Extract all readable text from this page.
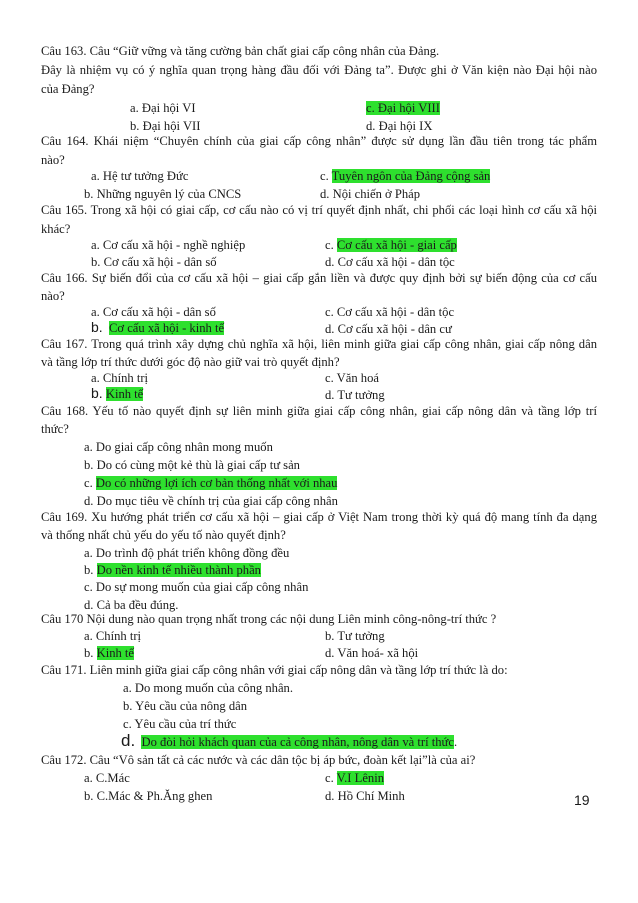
Câu 163. Câu “Giữ vững và tăng cường bản chất giai cấp công nhân của Đảng.
Đây là nhiệm vụ có ý nghĩa quan trọng hàng đầu đối với Đảng ta”. Được ghi ở Văn kiện nào Đại hội nào
của Đảng?
a. Đại hội VI	c. Đại hội VIII
b. Đại hội VII	d. Đại hội IX
Câu 164. Khái niệm “Chuyên chính của giai cấp công nhân” được sử dụng lần đầu tiên trong tác phẩm
nào?
a. Hệ tư tưởng Đức	c. Tuyên ngôn của Đảng cộng sản
b. Những nguyên lý của CNCS	d. Nội chiến ở Pháp
Câu 165. Trong xã hội có giai cấp, cơ cấu nào có vị trí quyết định nhất, chi phối các loại hình cơ cấu xã hội
khác?
a. Cơ cấu xã hội - nghề nghiệp	c. Cơ cấu xã hội - giai cấp
b. Cơ cấu xã hội - dân số	d. Cơ cấu xã hội - dân tộc
Câu 166. Sự biến đổi của cơ cấu xã hội – giai cấp gắn liền và được quy định bởi sự biến động của cơ cấu
nào?
a. Cơ cấu xã hội - dân số	c. Cơ cấu xã hội - dân tộc
b. Cơ cấu xã hội - kinh tế	d. Cơ cấu xã hội - dân cư
Câu 167. Trong quá trình xây dựng chủ nghĩa xã hội, liên minh giữa giai cấp công nhân, giai cấp nông dân
và tầng lớp trí thức dưới góc độ nào giữ vai trò quyết định?
a. Chính trị	c. Văn hoá
b. Kinh tế	d. Tư tưởng
Câu 168. Yếu tố nào quyết định sự liên minh giữa giai cấp công nhân, giai cấp nông dân và tầng lớp trí
thức?
a. Do giai cấp công nhân mong muốn
b. Do có cùng một kẻ thù là giai cấp tư sản
c. Do có những lợi ích cơ bản thống nhất với nhau
d. Do mục tiêu về chính trị của giai cấp công nhân
Câu 169. Xu hướng phát triển cơ cấu xã hội – giai cấp ở Việt Nam trong thời kỳ quá độ mang tính đa dạng
và thống nhất chủ yếu do yếu tố nào quyết định?
a. Do trình độ phát triển không đồng đều
b. Do nền kinh tế nhiều thành phần
c. Do sự mong muốn của giai cấp công nhân
d. Cả ba đều đúng.
Câu 170 Nội dung nào quan trọng nhất trong các nội dung Liên minh công-nông-trí thức ?
a. Chính trị	b. Tư tưởng
b. Kinh tế	d. Văn hoá- xã hội
Câu 171. Liên minh giữa giai cấp công nhân với giai cấp nông dân và tầng lớp trí thức là do:
a. Do mong muốn của công nhân.
b. Yêu cầu của nông dân
c. Yêu cầu của trí thức
d. Do đòi hỏi khách quan của cả công nhân, nông dân và trí thức.
Câu 172. Câu “Vô sản tất cả các nước và các dân tộc bị áp bức, đoàn kết lại”là của ai?
a. C.Mác	c. V.I Lênin
b. C.Mác & Ph.Ăng ghen	d. Hồ Chí Minh	19
